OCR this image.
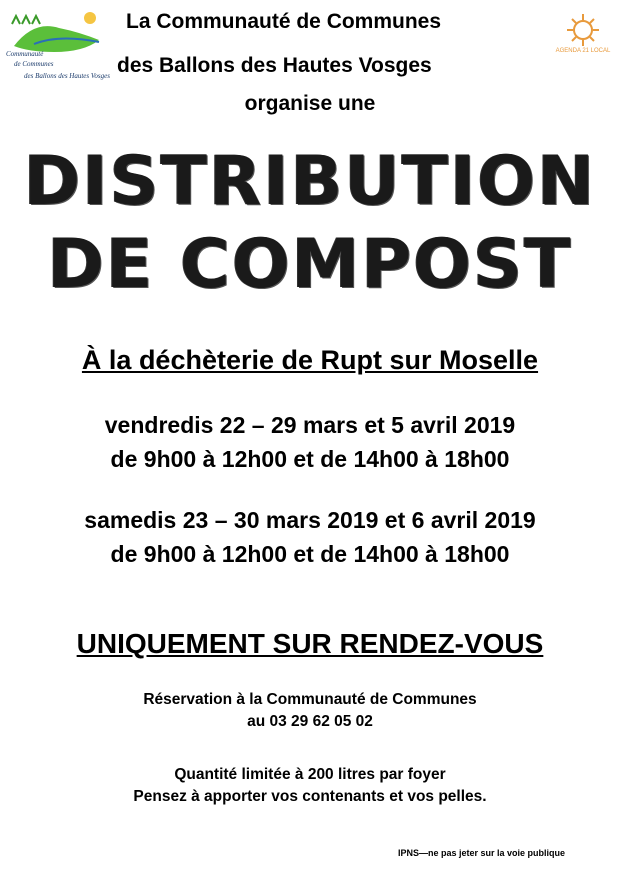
Communauté
de Communes
des Ballons des Hautes Vosges
AGENDA 21 LOCAL
La Communauté de Communes
des Ballons des Hautes Vosges
organise une
DISTRIBUTION
DE COMPOST
À la déchèterie de Rupt sur Moselle
vendredis 22 – 29 mars et 5 avril 2019
de 9h00 à 12h00 et de 14h00 à 18h00
samedis 23 – 30 mars 2019 et 6 avril 2019
de 9h00 à 12h00 et de 14h00 à 18h00
UNIQUEMENT SUR RENDEZ-VOUS
Réservation à la Communauté de Communes
au 03 29 62 05 02
Quantité limitée à 200 litres par foyer
Pensez à apporter vos contenants et vos pelles.
IPNS—ne pas jeter sur la voie publique
